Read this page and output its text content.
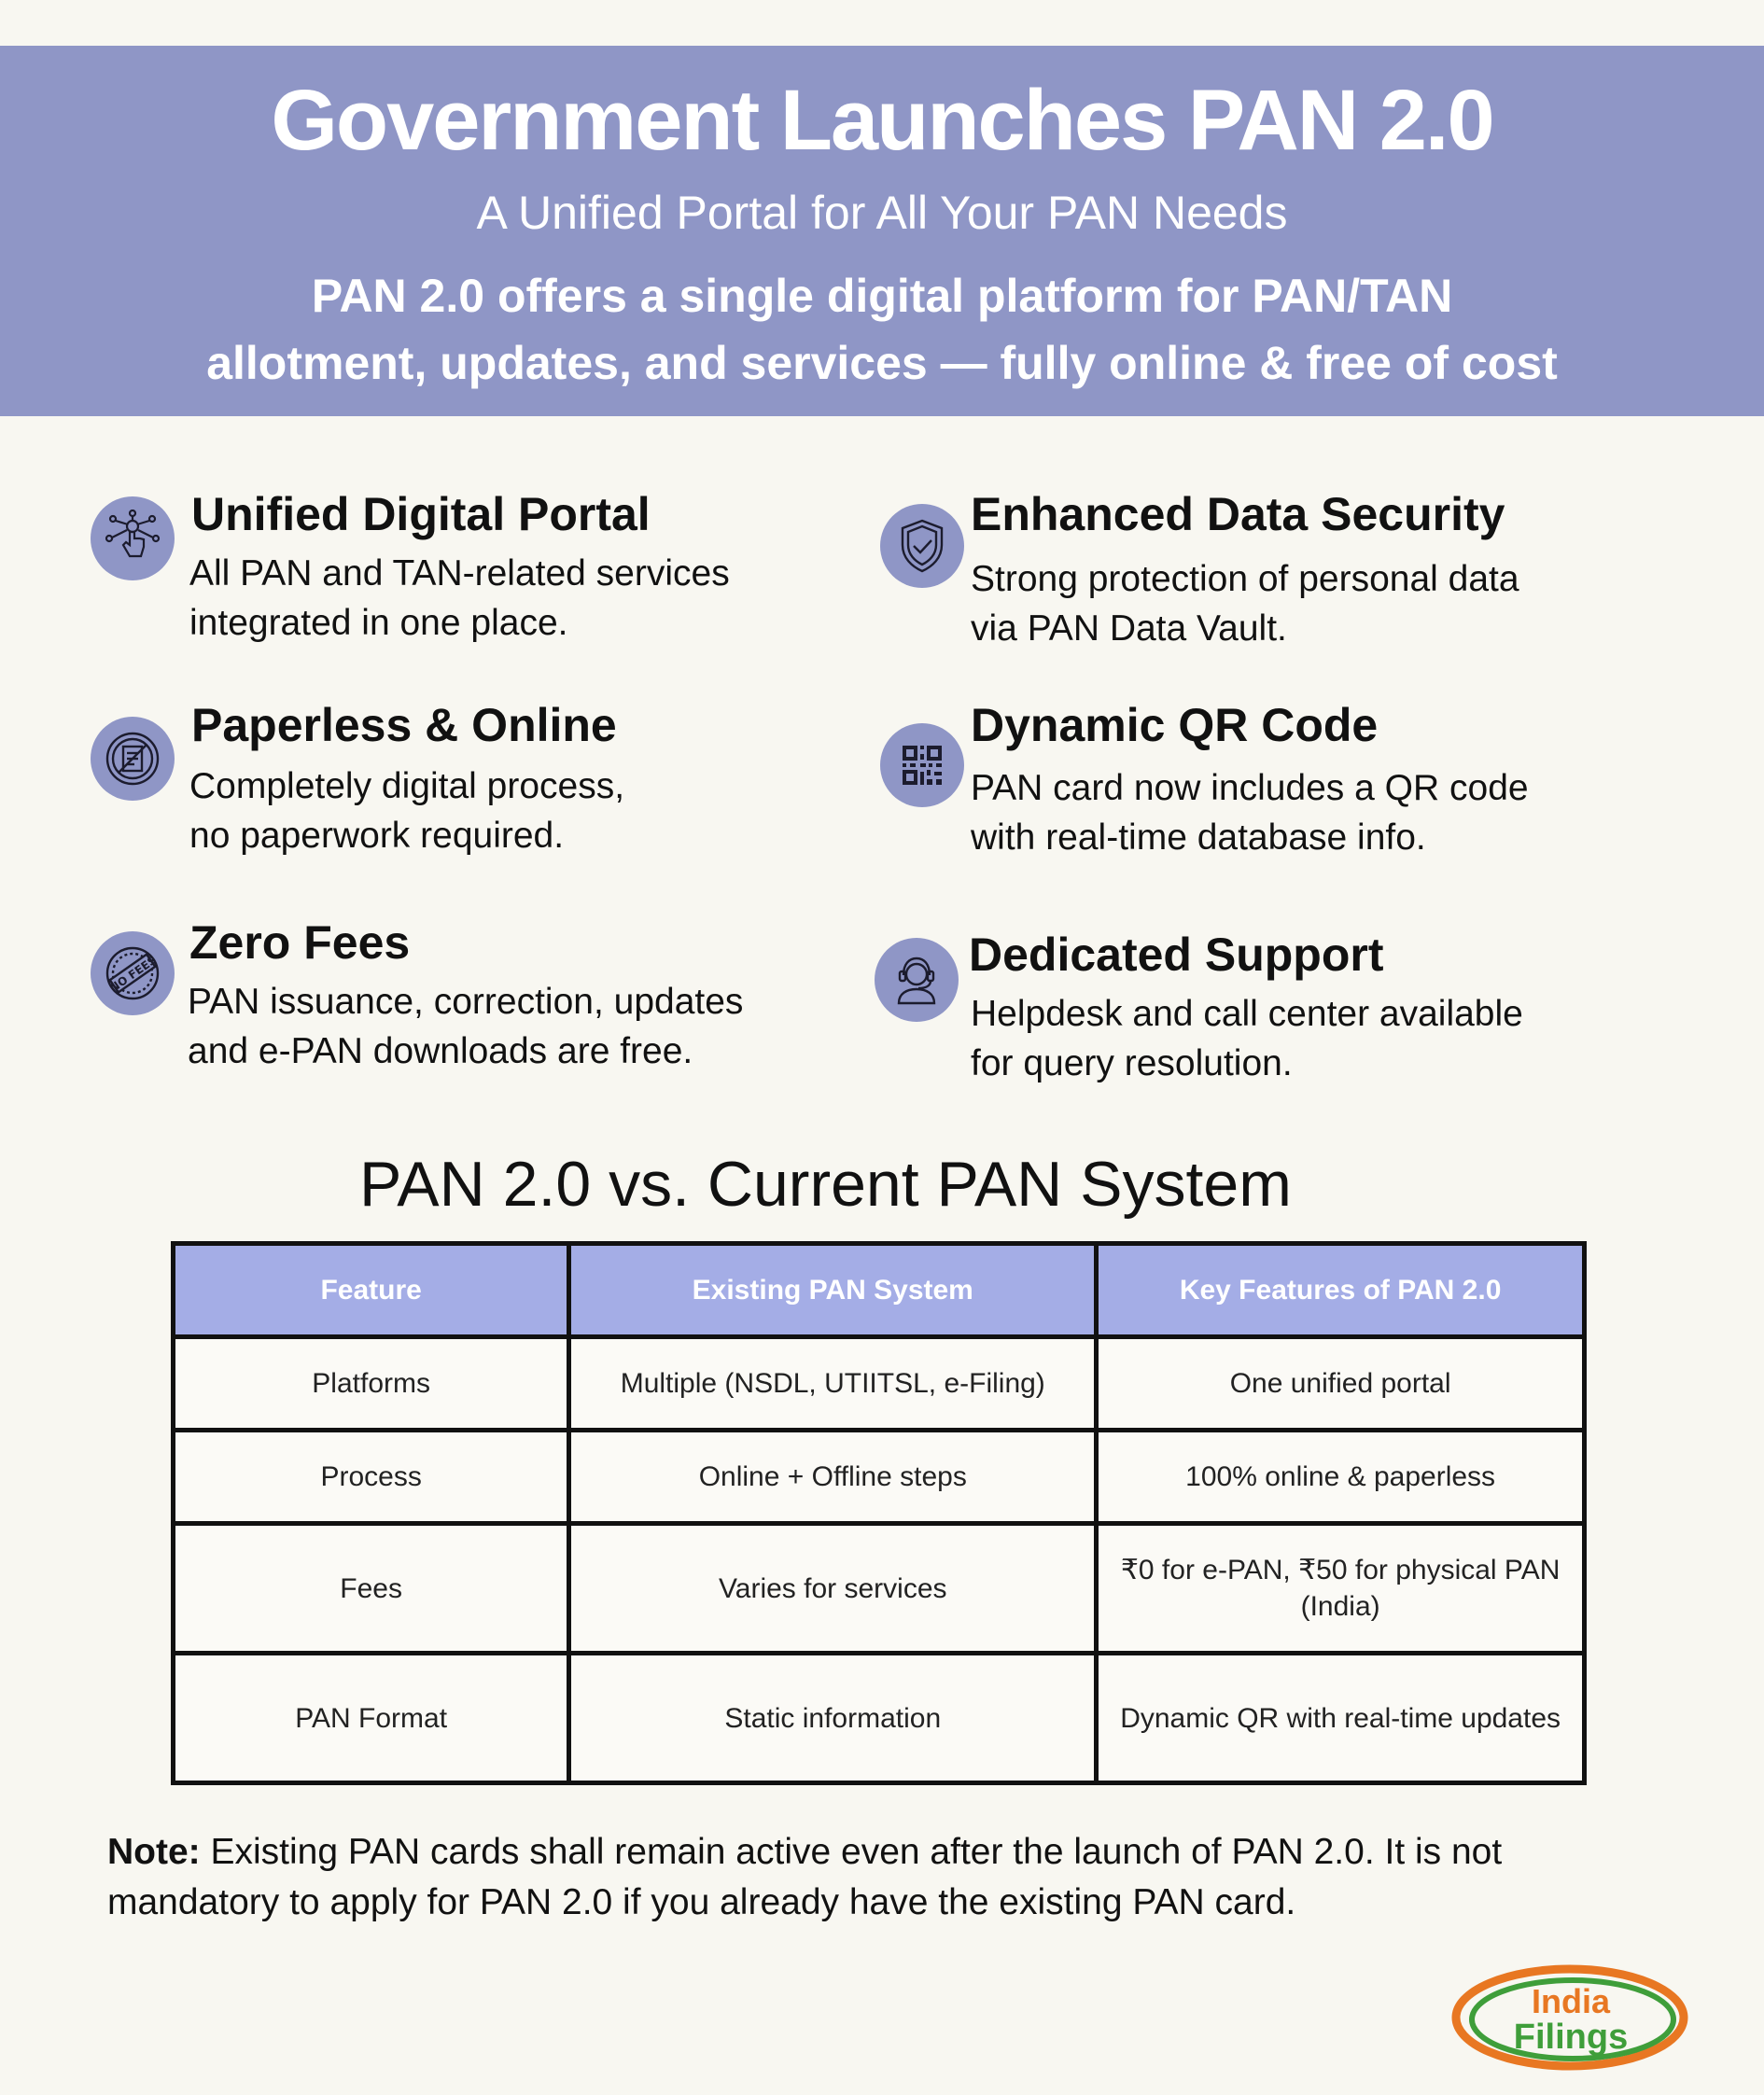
Government Launches PAN 2.0
A Unified Portal for All Your PAN Needs
PAN 2.0 offers a single digital platform for PAN/TAN
allotment, updates, and services — fully online & free of cost
Unified Digital Portal
All PAN and TAN-related services
integrated in one place.
Enhanced Data Security
Strong protection of personal data
via PAN Data Vault.
Paperless & Online
Completely digital process,
no paperwork required.
Dynamic QR Code
PAN card now includes a QR code
with real-time database info.
NO FEES
Zero Fees
PAN issuance, correction, updates
and e-PAN downloads are free.
Dedicated Support
Helpdesk and call center available
for query resolution.
PAN 2.0 vs. Current PAN System
Feature	Existing PAN System	Key Features of PAN 2.0
Platforms	Multiple (NSDL, UTIITSL, e-Filing)	One unified portal
Process	Online + Offline steps	100% online & paperless
Fees	Varies for services	₹0 for e-PAN, ₹50 for physical PAN (India)
PAN Format	Static information	Dynamic QR with real-time updates
Note: Existing PAN cards shall remain active even after the launch of PAN 2.0. It is not mandatory to apply for PAN 2.0 if you already have the existing PAN card.
India
Filings
